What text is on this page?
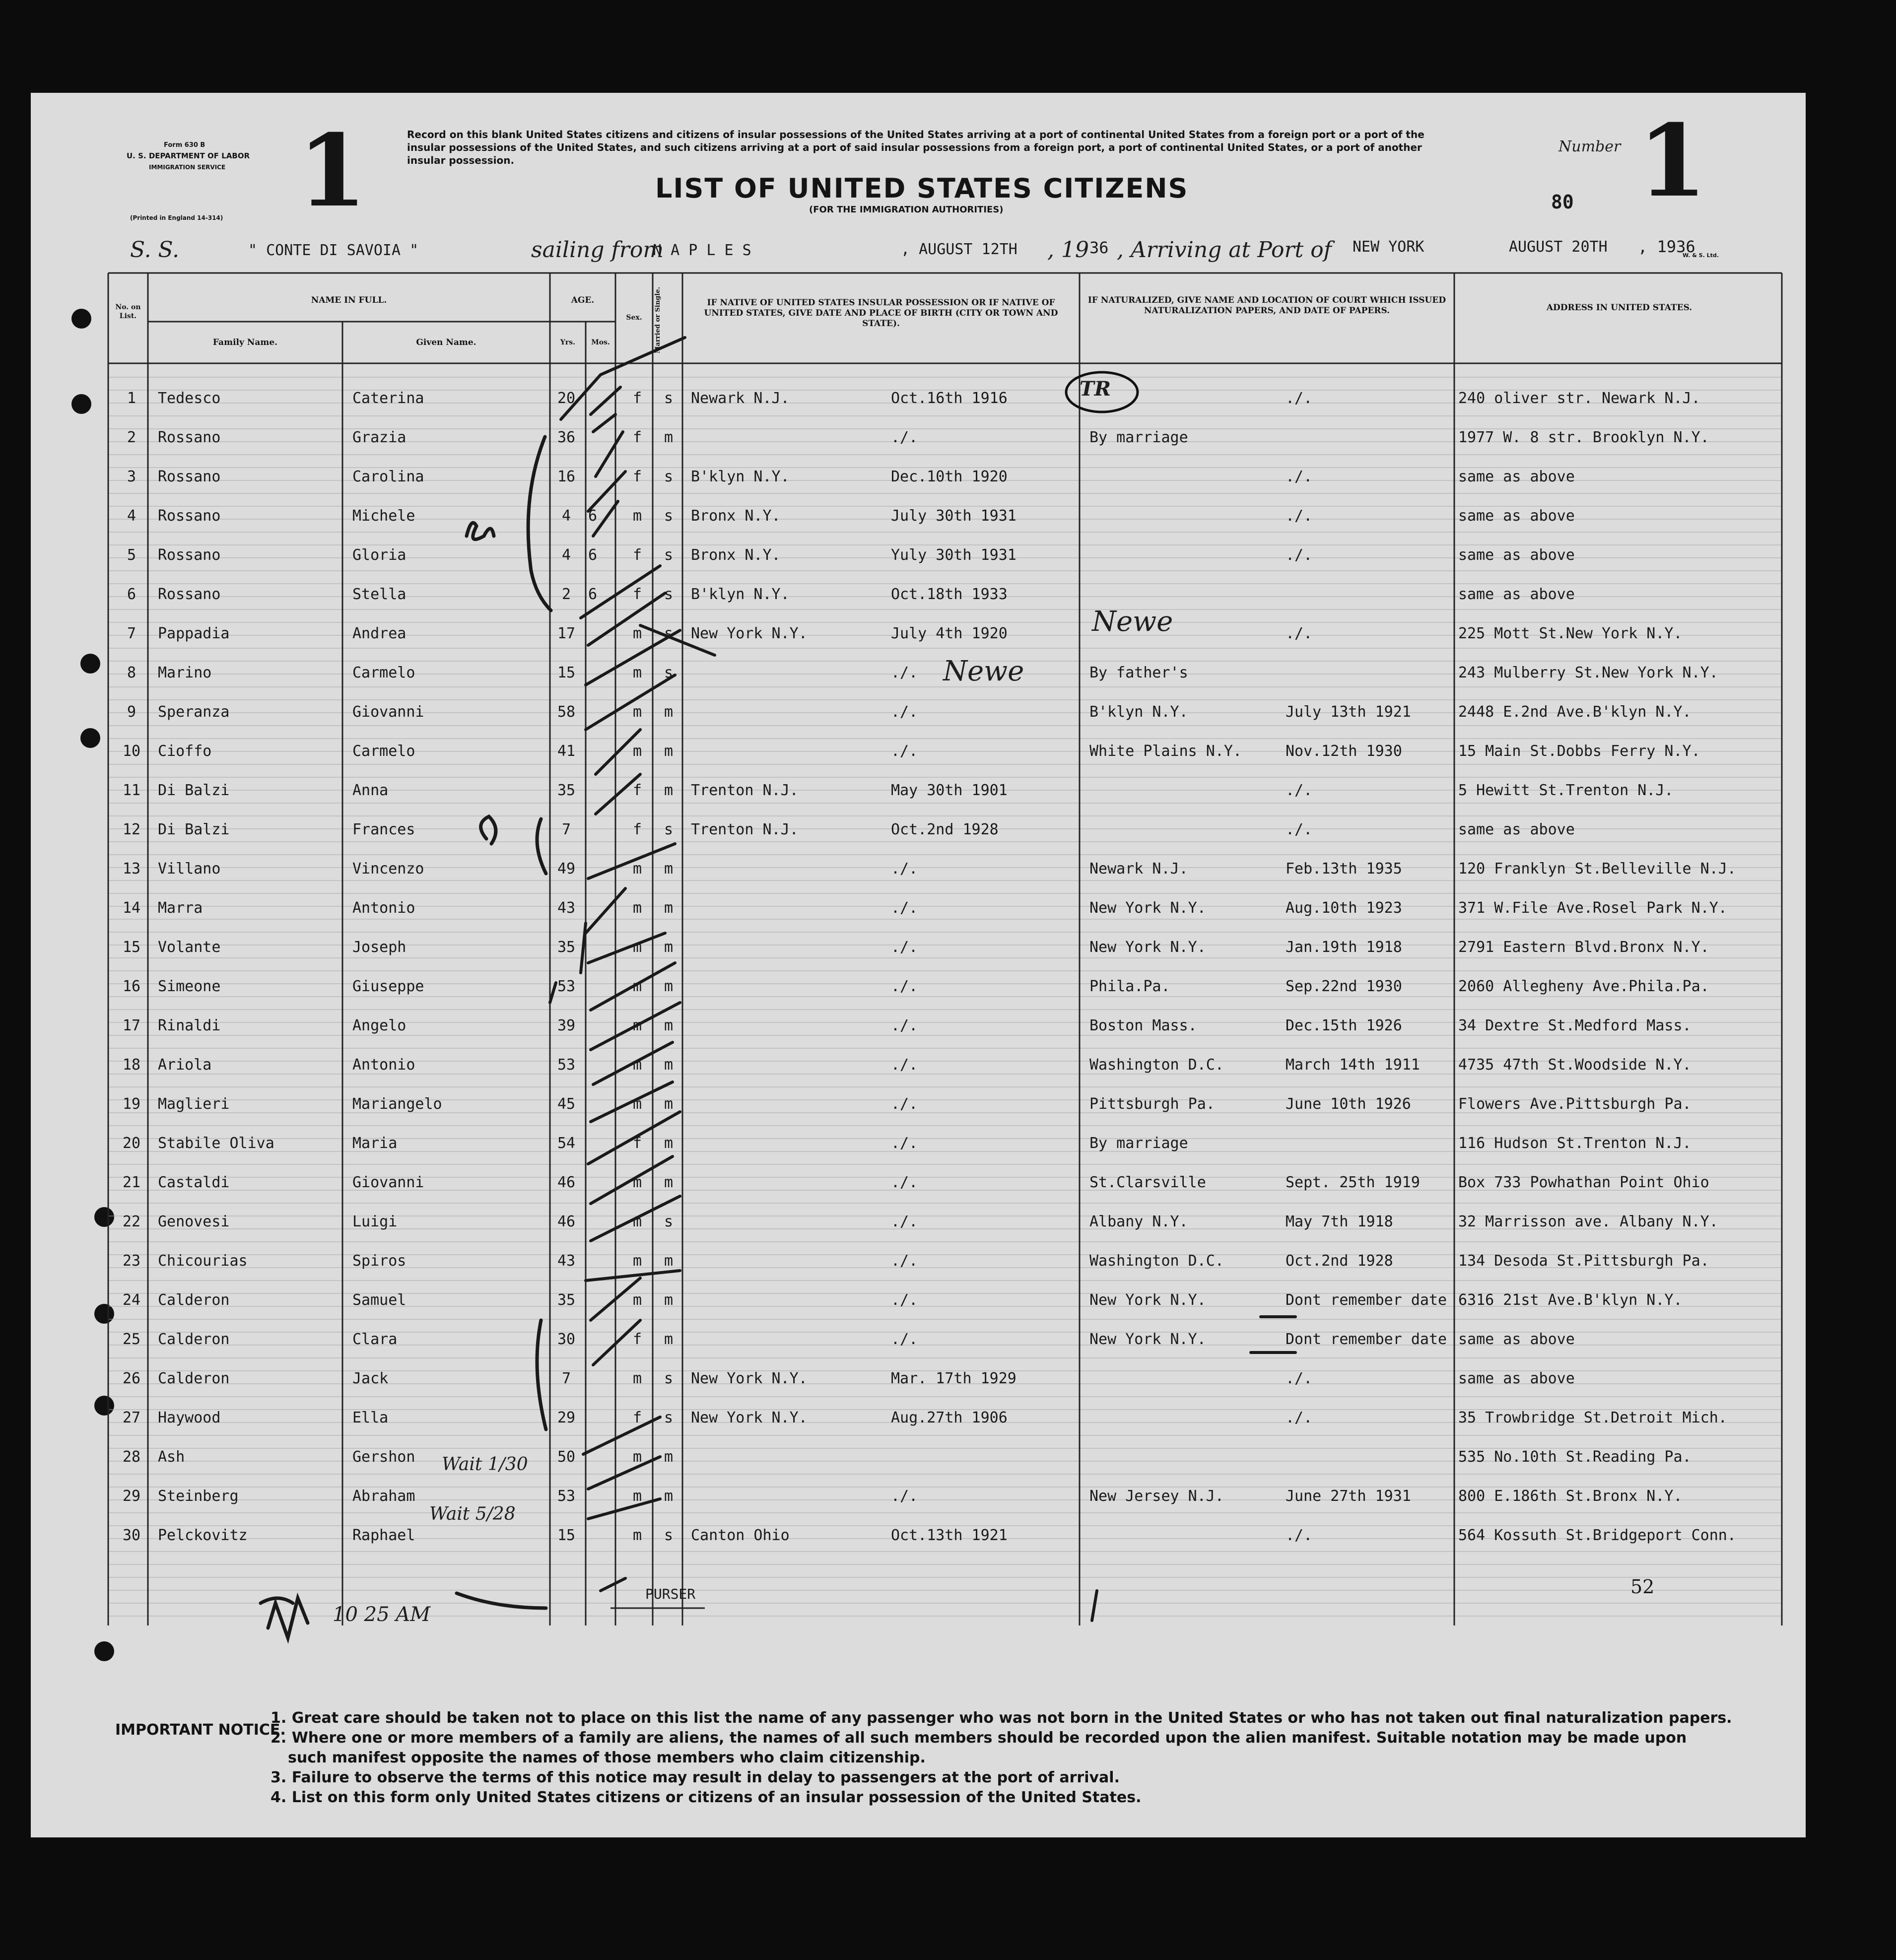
Form 630 B
U. S. DEPARTMENT OF LABOR
IMMIGRATION SERVICE
(Printed in England 14-314) 1	Record on this blank United States citizens and citizens of insular possessions of the United States arriving at a port of continental United States from a foreign port or a port of the insular possessions of the United States, and such citizens arriving at a port of said insular possessions from a foreign port, a port of continental United States, or a port of another insular possession.
LIST OF UNITED STATES CITIZENS
(FOR THE IMMIGRATION AUTHORITIES)
Number
80 1
W. & S. Ltd.
S. S.	" CONTE DI SAVOIA "	sailing from
N A P L E S	, AUGUST 12TH , 19 36 , Arriving at Port of NEW YORK	AUGUST 20TH , 1936
No. on List.
NAME IN FULL.
Family Name.	Given Name.
AGE.
Yrs.	Mos.
Sex.	Married or Single.	IF NATIVE OF UNITED STATES INSULAR POSSESSION OR IF NATIVE OF UNITED STATES, GIVE DATE AND PLACE OF BIRTH (CITY OR TOWN AND STATE).
IF NATURALIZED, GIVE NAME AND LOCATION OF COURT WHICH ISSUED NATURALIZATION PAPERS, AND DATE OF PAPERS.	ADDRESS IN UNITED STATES.
1	Tedesco	Caterina	20	f s Newark N.J.	Oct.16th 1916	./.	240 oliver str. Newark N.J.
2	Rossano	Grazia	36	f m	./.	By marriage	1977 W. 8 str. Brooklyn N.Y.
3	Rossano	Carolina	16	f s B'klyn N.Y.	Dec.10th 1920	./.	same as above
4	Rossano	Michele	4	6 m s Bronx N.Y.	July 30th 1931	./.	same as above
5	Rossano	Gloria	4	6 f s Bronx N.Y.	Yuly 30th 1931	./.	same as above
6	Rossano	Stella	2	6 f s B'klyn N.Y.	Oct.18th 1933	same as above
7	Pappadia	Andrea	17	m s New York N.Y.	July 4th 1920	./.	225 Mott St.New York N.Y.
8	Marino	Carmelo	15	m s	./.	By father's	243 Mulberry St.New York N.Y.
9	Speranza	Giovanni	58	m m	./.	B'klyn N.Y.	July 13th 1921	2448 E.2nd Ave.B'klyn N.Y.
10	Cioffo	Carmelo	41	m m	./.	White Plains N.Y.	Nov.12th 1930	15 Main St.Dobbs Ferry N.Y.
11	Di Balzi	Anna	35	f m Trenton N.J.	May 30th 1901	./.	5 Hewitt St.Trenton N.J.
12	Di Balzi	Frances	7	f s Trenton N.J.	Oct.2nd 1928	./.	same as above
13	Villano	Vincenzo	49	m m	./.	Newark N.J.	Feb.13th 1935	120 Franklyn St.Belleville N.J.
14	Marra	Antonio	43	m m	./.	New York N.Y.	Aug.10th 1923	371 W.File Ave.Rosel Park N.Y.
15	Volante	Joseph	35	m m	./.	New York N.Y.	Jan.19th 1918	2791 Eastern Blvd.Bronx N.Y.
16	Simeone	Giuseppe	53	m m	./.	Phila.Pa.	Sep.22nd 1930	2060 Allegheny Ave.Phila.Pa.
17	Rinaldi	Angelo	39	m m	./.	Boston Mass.	Dec.15th 1926	34 Dextre St.Medford Mass.
18	Ariola	Antonio	53	m m	./.	Washington D.C.	March 14th 1911	4735 47th St.Woodside N.Y.
19	Maglieri	Mariangelo	45	m m	./.	Pittsburgh Pa.	June 10th 1926	Flowers Ave.Pittsburgh Pa.
20	Stabile Oliva	Maria	54	f m	./.	By marriage	116 Hudson St.Trenton N.J.
21	Castaldi	Giovanni	46	m m	./.	St.Clarsville	Sept. 25th 1919	Box 733 Powhathan Point Ohio
22	Genovesi	Luigi	46	m s	./.	Albany N.Y.	May 7th 1918	32 Marrisson ave. Albany N.Y.
23	Chicourias	Spiros	43	m m	./.	Washington D.C.	Oct.2nd 1928	134 Desoda St.Pittsburgh Pa.
24	Calderon	Samuel	35	m m	./.	New York N.Y.	Dont remember date 6316 21st Ave.B'klyn N.Y.
25	Calderon	Clara	30	f m	./.	New York N.Y.	Dont remember date same as above
26	Calderon	Jack	7	m s New York N.Y.	Mar. 17th 1929	./.	same as above
27	Haywood	Ella	29	f s New York N.Y.	Aug.27th 1906	./.	35 Trowbridge St.Detroit Mich.
28	Ash	Gershon	50	m m	535 No.10th St.Reading Pa.
29	Steinberg	Abraham	53	m m	./.	New Jersey N.J.	June 27th 1931	800 E.186th St.Bronx N.Y.
30	Pelckovitz	Raphael	15	m s Canton Ohio	Oct.13th 1921	./.	564 Kossuth St.Bridgeport Conn.
TR
Newe
Newe
Wait 1/30
Wait 5/28
10 25 AM
PURSER	52
IMPORTANT NOTICE.
1. Great care should be taken not to place on this list the name of any passenger who was not born in the United States or who has not taken out final naturalization papers.
2. Where one or more members of a family are aliens, the names of all such members should be recorded upon the alien manifest. Suitable notation may be made upon
such manifest opposite the names of those members who claim citizenship.
3. Failure to observe the terms of this notice may result in delay to passengers at the port of arrival.
4. List on this form only United States citizens or citizens of an insular possession of the United States.
